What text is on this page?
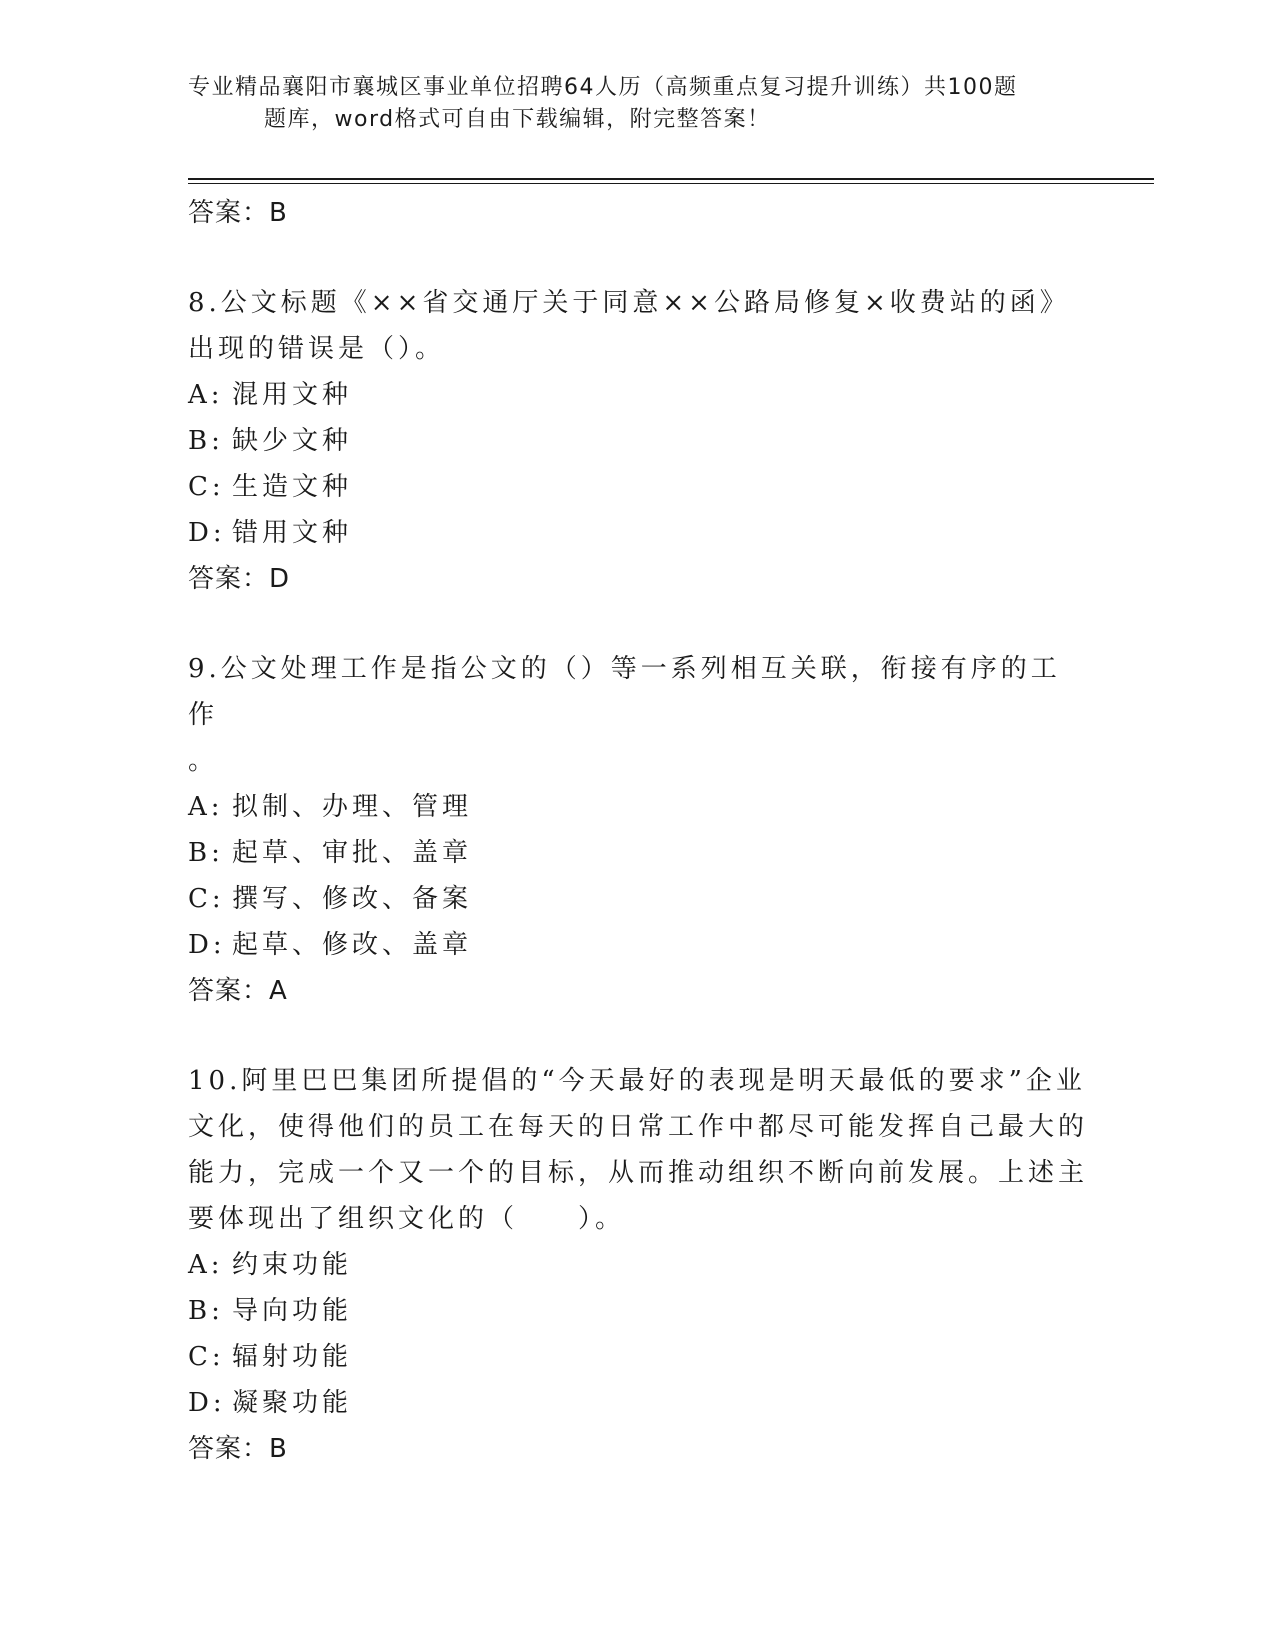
专业精品襄阳市襄城区事业单位招聘64人历（高频重点复习提升训练）共100题
题库，word格式可自由下载编辑，附完整答案！

答案：B

8.公文标题《××省交通厅关于同意××公路局修复×收费站的函》

出现的错误是（）。

A: 混用文种
B: 缺少文种
C: 生造文种
D: 错用文种

答案：D

9.公文处理工作是指公文的（）等一系列相互关联，衔接有序的工作

。

A: 拟制、办理、管理
B: 起草、审批、盖章
C: 撰写、修改、备案
D: 起草、修改、盖章

答案：A

10.阿里巴巴集团所提倡的“今天最好的表现是明天最低的要求”企业

文化，使得他们的员工在每天的日常工作中都尽可能发挥自己最大的

能力，完成一个又一个的目标，从而推动组织不断向前发展。上述主

要体现出了组织文化的（　　）。

A: 约束功能
B: 导向功能
C: 辐射功能
D: 凝聚功能

答案：B
